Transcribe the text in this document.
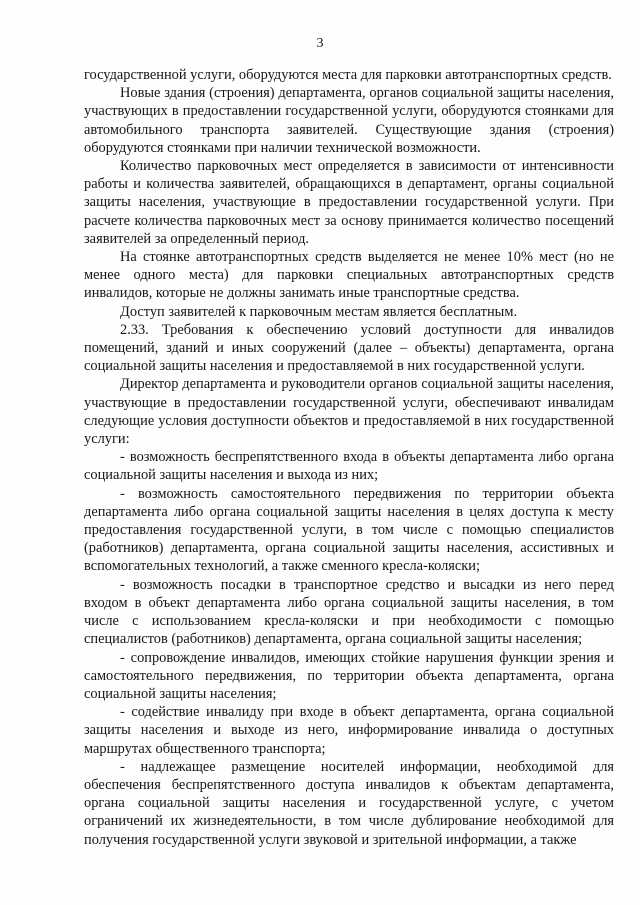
3

государственной услуги, оборудуются места для парковки автотранспортных средств.

Новые здания (строения) департамента, органов социальной защиты населения, участвующих в предоставлении государственной услуги, оборудуются стоянками для автомобильного транспорта заявителей. Существующие здания (строения) оборудуются стоянками при наличии технической возможности.

Количество парковочных мест определяется в зависимости от интенсивности работы и количества заявителей, обращающихся в департамент, органы социальной защиты населения, участвующие в предоставлении государственной услуги. При расчете количества парковочных мест за основу принимается количество посещений заявителей за определенный период.

На стоянке автотранспортных средств выделяется не менее 10% мест (но не менее одного места) для парковки специальных автотранспортных средств инвалидов, которые не должны занимать иные транспортные средства.

Доступ заявителей к парковочным местам является бесплатным.

2.33. Требования к обеспечению условий доступности для инвалидов помещений, зданий и иных сооружений (далее – объекты) департамента, органа социальной защиты населения и предоставляемой в них государственной услуги.

Директор департамента и руководители органов социальной защиты населения, участвующие в предоставлении государственной услуги, обеспечивают инвалидам следующие условия доступности объектов и предоставляемой в них государственной услуги:

- возможность беспрепятственного входа в объекты департамента либо органа социальной защиты населения и выхода из них;

- возможность самостоятельного передвижения по территории объекта департамента либо органа социальной защиты населения в целях доступа к месту предоставления государственной услуги, в том числе с помощью специалистов (работников) департамента, органа социальной защиты населения, ассистивных и вспомогательных технологий, а также сменного кресла-коляски;

- возможность посадки в транспортное средство и высадки из него перед входом в объект департамента либо органа социальной защиты населения, в том числе с использованием кресла-коляски и при необходимости с помощью специалистов (работников) департамента, органа социальной защиты населения;

- сопровождение инвалидов, имеющих стойкие нарушения функции зрения и самостоятельного передвижения, по территории объекта департамента, органа социальной защиты населения;

- содействие инвалиду при входе в объект департамента, органа социальной защиты населения и выходе из него, информирование инвалида о доступных маршрутах общественного транспорта;

- надлежащее размещение носителей информации, необходимой для обеспечения беспрепятственного доступа инвалидов к объектам департамента, органа социальной защиты населения и государственной услуге, с учетом ограничений их жизнедеятельности, в том числе дублирование необходимой для получения государственной услуги звуковой и зрительной информации, а также
